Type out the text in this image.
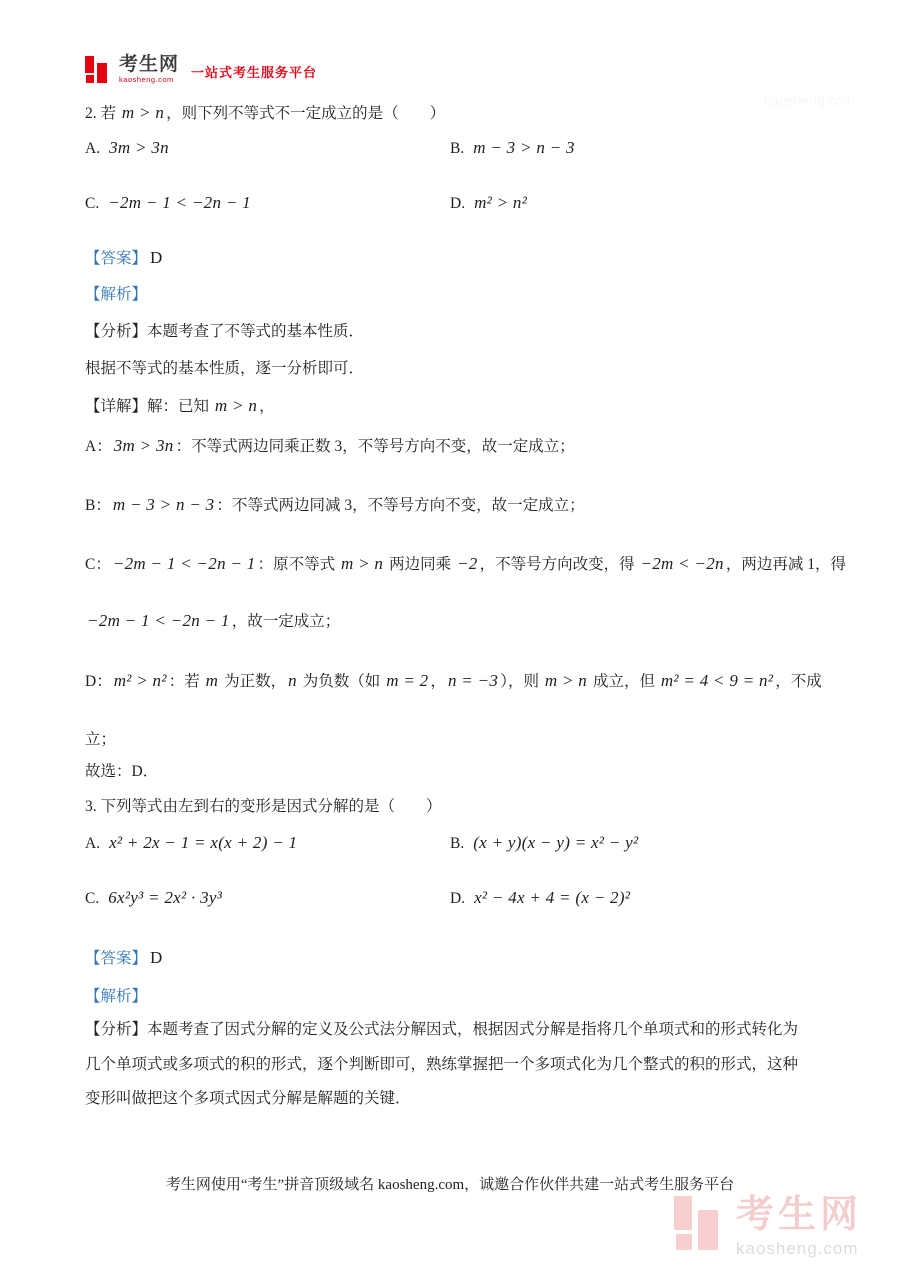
考生网
kaosheng.com	一站式考生服务平台
kaosheng.com
2. 若 m > n ，则下列不等式不一定成立的是（　　）
A. 3m > 3n	B. m − 3 > n − 3
C. −2m − 1 < −2n − 1	D. m² > n²
【答案】 D
【解析】
【分析】本题考查了不等式的基本性质．
根据不等式的基本性质，逐一分析即可．
【详解】解：已知 m > n ，
A： 3m > 3n ：不等式两边同乘正数 3，不等号方向不变，故一定成立；
B： m − 3 > n − 3 ：不等式两边同减 3，不等号方向不变，故一定成立；
C： −2m − 1 < −2n − 1 ：原不等式 m > n 两边同乘 −2 ，不等号方向改变，得 −2m < −2n ，两边再减 1，得
−2m − 1 < −2n − 1 ，故一定成立；
D： m² > n² ：若 m 为正数， n 为负数（如 m = 2 ， n = −3 ），则 m > n 成立，但 m² = 4 < 9 = n² ，不成
立；
故选：D．
3. 下列等式由左到右的变形是因式分解的是（　　）
A. x² + 2x − 1 = x(x + 2) − 1	B. (x + y)(x − y) = x² − y²
C. 6x²y³ = 2x² · 3y³	D. x² − 4x + 4 = (x − 2)²
【答案】 D
【解析】
【分析】本题考查了因式分解的定义及公式法分解因式，根据因式分解是指将几个单项式和的形式转化为
几个单项式或多项式的积的形式，逐个判断即可，熟练掌握把一个多项式化为几个整式的积的形式，这种
变形叫做把这个多项式因式分解是解题的关键．
考生网使用“考生”拼音顶级域名 kaosheng.com，诚邀合作伙伴共建一站式考生服务平台
考生网
kaosheng.com
